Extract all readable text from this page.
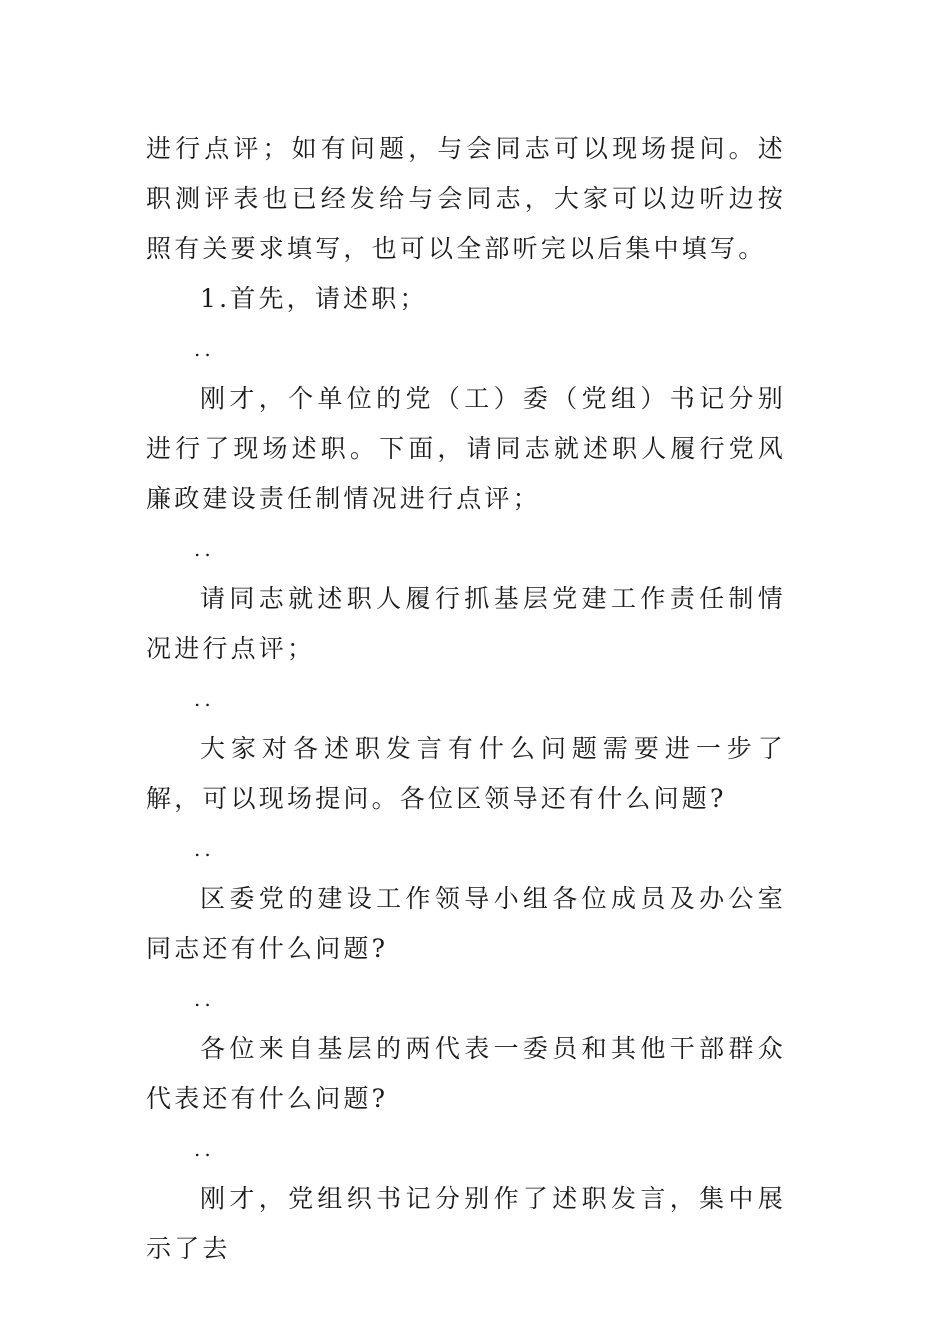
进行点评；如有问题，与会同志可以现场提问。述职测评表也已经发给与会同志，大家可以边听边按照有关要求填写，也可以全部听完以后集中填写。

1.首先，请述职；

..

刚才，个单位的党（工）委（党组）书记分别进行了现场述职。下面，请同志就述职人履行党风廉政建设责任制情况进行点评；

..

请同志就述职人履行抓基层党建工作责任制情况进行点评；

..

大家对各述职发言有什么问题需要进一步了解，可以现场提问。各位区领导还有什么问题?

..

区委党的建设工作领导小组各位成员及办公室同志还有什么问题?

..

各位来自基层的两代表一委员和其他干部群众代表还有什么问题?

..

刚才，党组织书记分别作了述职发言，集中展示了去
